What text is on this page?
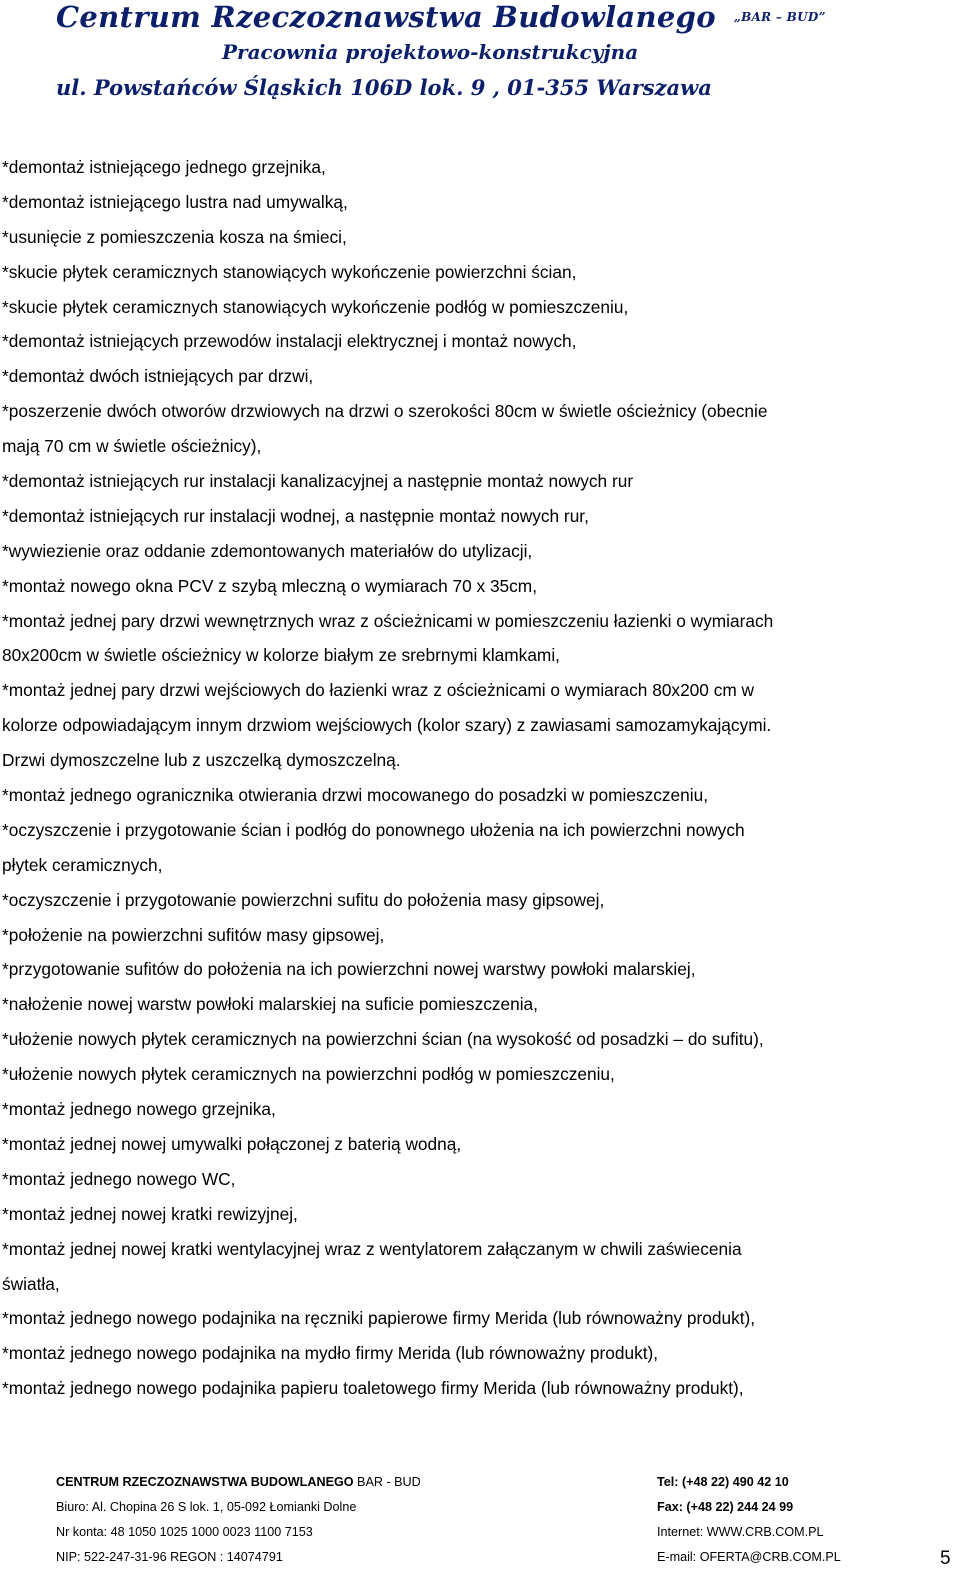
Centrum Rzeczoznawstwa Budowlanego $^{„BAR - BUD”}$
Pracownia projektowo-konstrukcyjna
ul. Powstańców Śląskich 106D lok. 9 , 01-355 Warszawa
*demontaż istniejącego jednego grzejnika,
*demontaż istniejącego lustra nad umywalką,
*usunięcie z pomieszczenia kosza na śmieci,
*skucie płytek ceramicznych stanowiących wykończenie powierzchni ścian,
*skucie płytek ceramicznych stanowiących wykończenie podłóg w pomieszczeniu,
*demontaż istniejących przewodów instalacji elektrycznej i montaż nowych,
*demontaż dwóch istniejących par drzwi,
*poszerzenie dwóch otworów drzwiowych na drzwi o szerokości 80cm w świetle ościeżnicy (obecnie
mają 70 cm w świetle ościeżnicy),
*demontaż istniejących rur instalacji kanalizacyjnej a następnie montaż nowych rur
*demontaż istniejących rur instalacji wodnej, a następnie montaż nowych rur,
*wywiezienie oraz oddanie zdemontowanych materiałów do utylizacji,
*montaż nowego okna PCV z szybą mleczną o wymiarach 70 x 35cm,
*montaż jednej pary drzwi wewnętrznych wraz z ościeżnicami w pomieszczeniu łazienki o wymiarach
80x200cm w świetle ościeżnicy w kolorze białym ze srebrnymi klamkami,
*montaż jednej pary drzwi wejściowych do łazienki wraz z ościeżnicami o wymiarach 80x200 cm w
kolorze odpowiadającym innym drzwiom wejściowych (kolor szary) z zawiasami samozamykającymi.
Drzwi dymoszczelne lub z uszczelką dymoszczelną.
*montaż jednego ogranicznika otwierania drzwi mocowanego do posadzki w pomieszczeniu,
*oczyszczenie i przygotowanie ścian i podłóg do ponownego ułożenia na ich powierzchni nowych
płytek ceramicznych,
*oczyszczenie i przygotowanie powierzchni sufitu do położenia masy gipsowej,
*położenie na powierzchni sufitów masy gipsowej,
*przygotowanie sufitów do położenia na ich powierzchni nowej warstwy powłoki malarskiej,
*nałożenie nowej warstw powłoki malarskiej na suficie pomieszczenia,
*ułożenie nowych płytek ceramicznych na powierzchni ścian (na wysokość od posadzki – do sufitu),
*ułożenie nowych płytek ceramicznych na powierzchni podłóg w pomieszczeniu,
*montaż jednego nowego grzejnika,
*montaż jednej nowej umywalki połączonej z baterią wodną,
*montaż jednego nowego WC,
*montaż jednej nowej kratki rewizyjnej,
*montaż jednej nowej kratki wentylacyjnej wraz z wentylatorem załączanym w chwili zaświecenia
światła,
*montaż jednego nowego podajnika na ręczniki papierowe firmy Merida (lub równoważny produkt),
*montaż jednego nowego podajnika na mydło firmy Merida (lub równoważny produkt),
*montaż jednego nowego podajnika papieru toaletowego firmy Merida (lub równoważny produkt),
CENTRUM RZECZOZNAWSTWA BUDOWLANEGO BAR - BUD
Biuro: Al. Chopina 26 S lok. 1, 05-092 Łomianki Dolne
Nr konta: 48 1050 1025 1000 0023 1100 7153
NIP: 522-247-31-96 REGON : 14074791
Tel: (+48 22) 490 42 10
Fax: (+48 22) 244 24 99
Internet: WWW.CRB.COM.PL
E-mail: OFERTA@CRB.COM.PL	5
